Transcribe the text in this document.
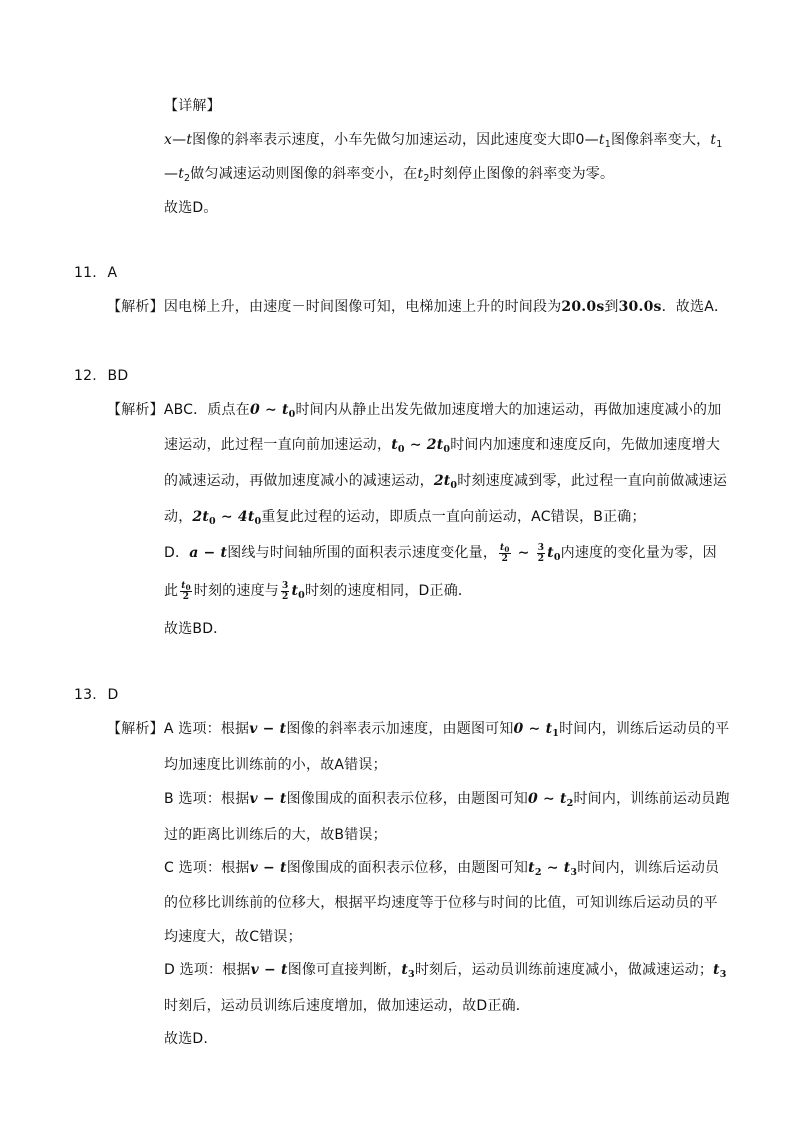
【详解】
x—t图像的斜率表示速度，小车先做匀加速运动，因此速度变大即$0—t_1$图像斜率变大，$t_1$
$—t_2$做匀减速运动则图像的斜率变小，在$t_2$时刻停止图像的斜率变为零。
故选D。
11. A
【解析】因电梯上升，由速度－时间图像可知，电梯加速上升的时间段为20.0s到30.0s．故选A．
12. BD
【解析】ABC．质点在0 ∼ $t_0$时间内从静止出发先做加速度增大的加速运动，再做加速度减小的加
速运动，此过程一直向前加速运动，$t_0$ ∼ $2t_0$时间内加速度和速度反向，先做加速度增大
的减速运动，再做加速度减小的减速运动，$2t_0$时刻速度减到零，此过程一直向前做减速运
动，$2t_0$ ∼ $4t_0$重复此过程的运动，即质点一直向前运动，AC错误，B正确；
D．a − t图线与时间轴所围的面积表示速度变化量， $\frac{t_0}{2}$ ∼ $\frac{3}{2} t_0$内速度的变化量为零，因
此 $\frac{t_0}{2}$ 时刻的速度与 $\frac{3}{2} t_0$时刻的速度相同，D正确．
故选BD．
13. D
【解析】A 选项：根据v − t图像的斜率表示加速度，由题图可知0 ∼ $t_1$时间内，训练后运动员的平
均加速度比训练前的小，故A错误；
B 选项：根据v − t图像围成的面积表示位移，由题图可知0 ∼ $t_2$时间内，训练前运动员跑
过的距离比训练后的大，故B错误；
C 选项：根据v − t图像围成的面积表示位移，由题图可知$t_2$ ∼ $t_3$时间内，训练后运动员
的位移比训练前的位移大，根据平均速度等于位移与时间的比值，可知训练后运动员的平
均速度大，故C错误；
D 选项：根据v − t图像可直接判断，$t_3$时刻后，运动员训练前速度减小，做减速运动；$t_3$
时刻后，运动员训练后速度增加，做加速运动，故D正确．
故选D.
